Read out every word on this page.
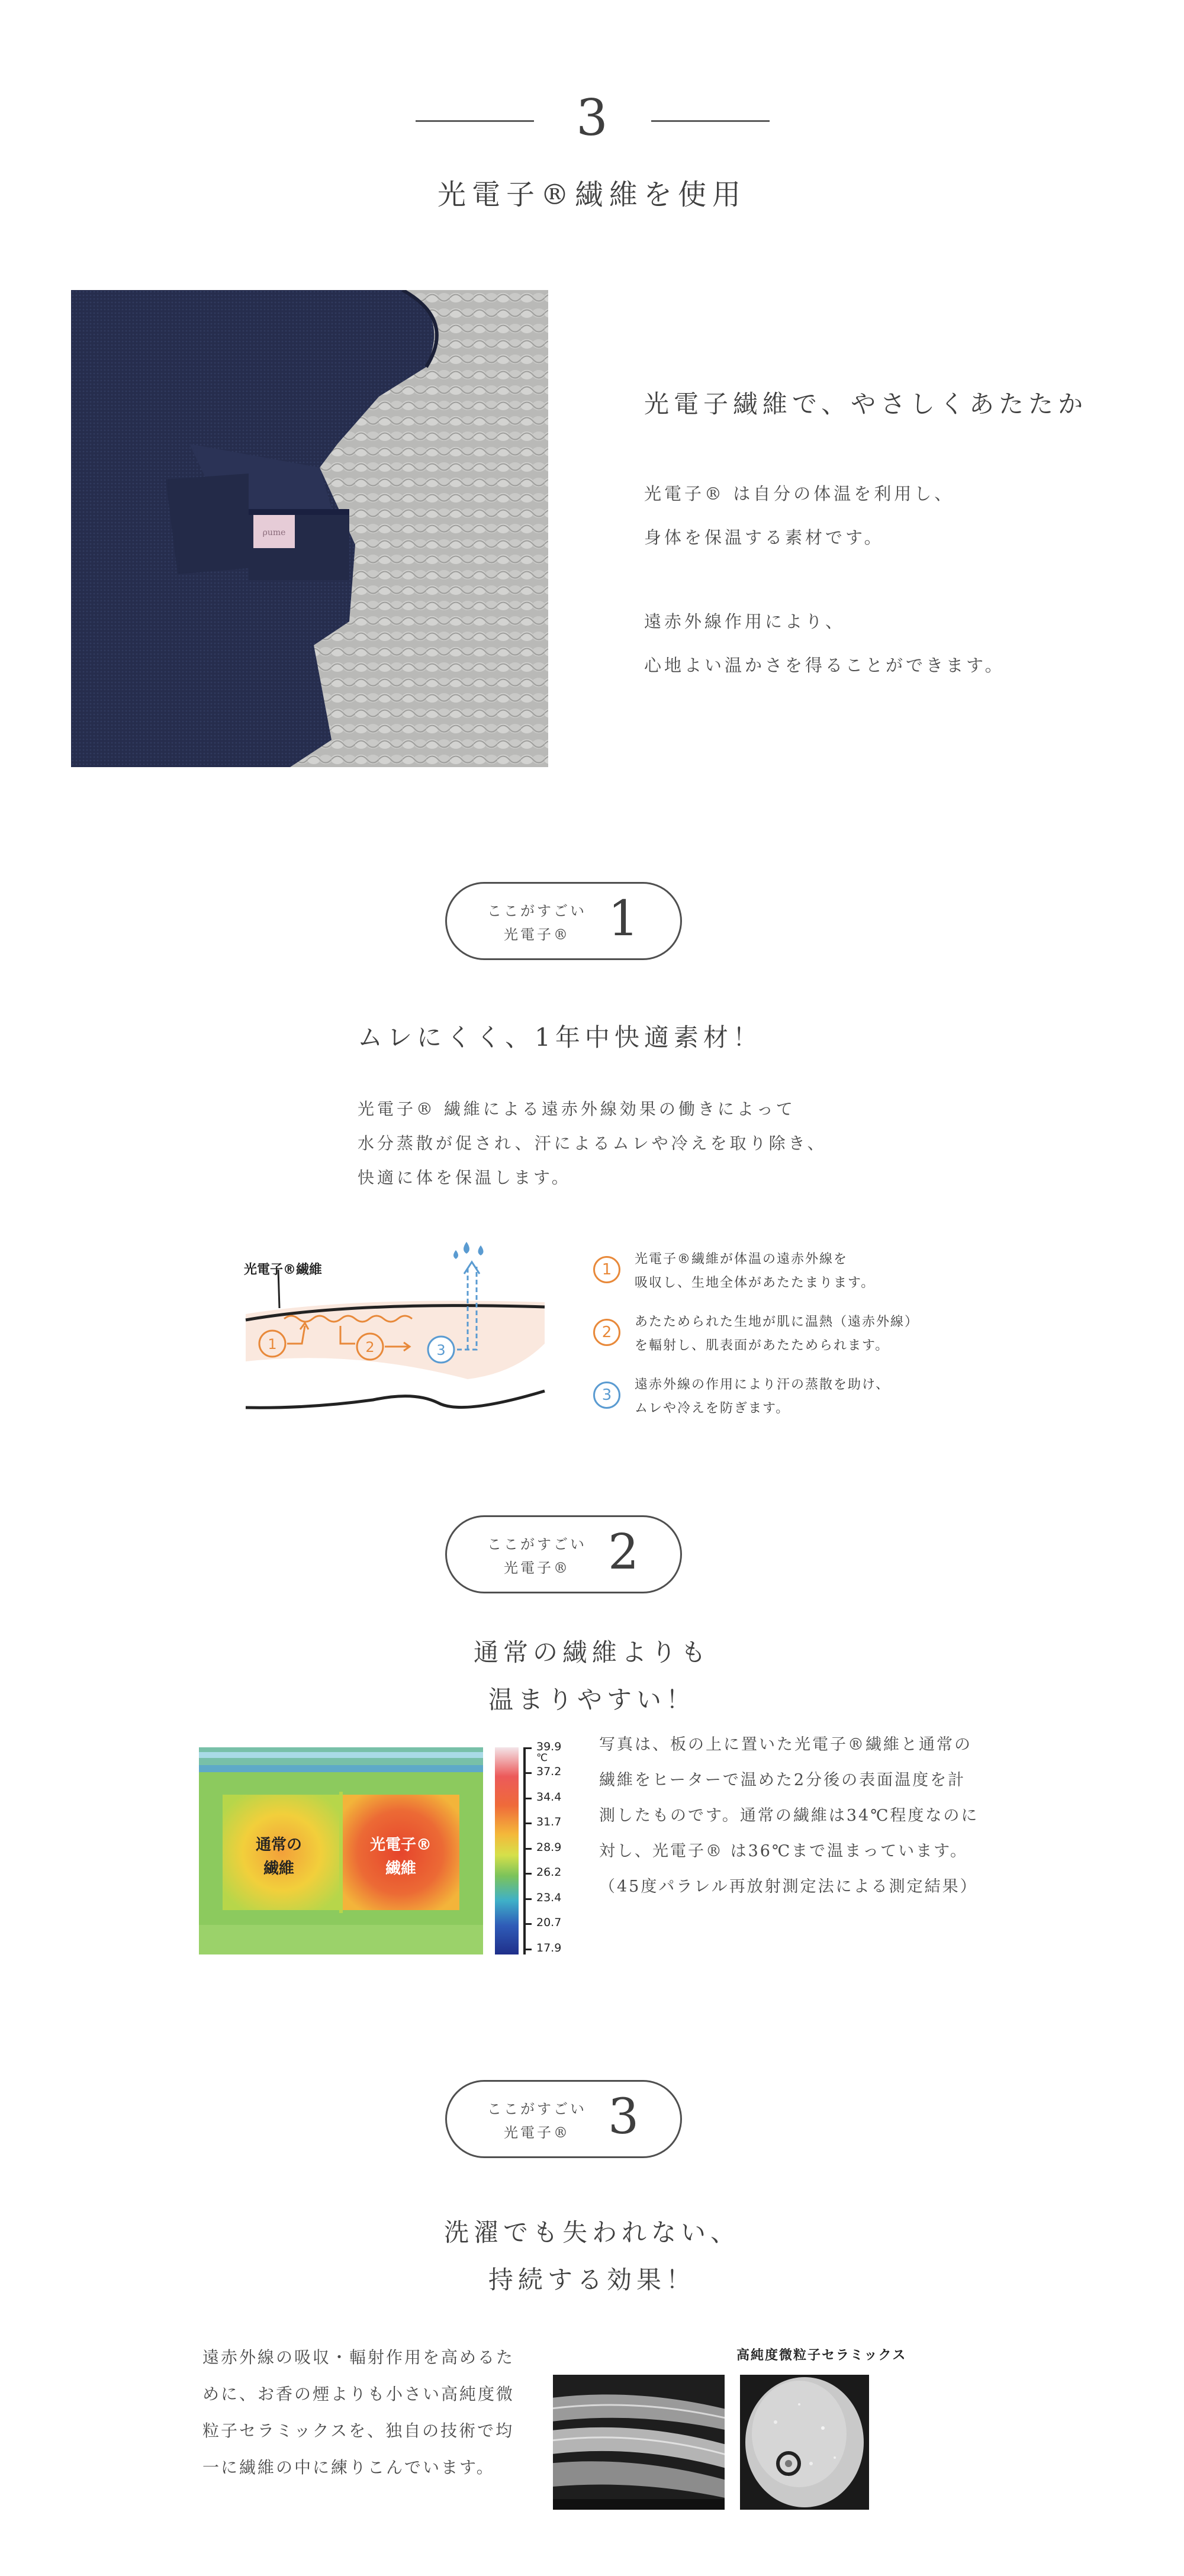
3
光電子®繊維を使用
ρume
光電子繊維で、やさしくあたたか
光電子® は自分の体温を利用し、
身体を保温する素材です。
遠赤外線作用により、
心地よい温かさを得ることができます。
ここがすごい
光電子® 1
ムレにくく、1年中快適素材！
光電子® 繊維による遠赤外線効果の働きによって
水分蒸散が促され、汗によるムレや冷えを取り除き、
快適に体を保温します。
1	2	3
光電子®繊維	1
光電子®繊維が体温の遠赤外線を
吸収し、生地全体があたたまります。
2
あたためられた生地が肌に温熱（遠赤外線）
を輻射し、肌表面があたためられます。
3
遠赤外線の作用により汗の蒸散を助け、
ムレや冷えを防ぎます。
ここがすごい
光電子® 2
通常の繊維よりも
温まりやすい！
通常の
繊維
光電子®
繊維
39.9
℃
37.2
34.4
31.7
28.9
26.2
23.4
20.7
17.9
写真は、板の上に置いた光電子®繊維と通常の
繊維をヒーターで温めた2分後の表面温度を計
測したものです。通常の繊維は34℃程度なのに
対し、光電子® は36℃まで温まっています。
（45度パラレル再放射測定法による測定結果）
ここがすごい
光電子® 3
洗濯でも失われない、
持続する効果！
遠赤外線の吸収・輻射作用を高めるた
めに、お香の煙よりも小さい高純度微
粒子セラミックスを、独自の技術で均
一に繊維の中に練りこんでいます。
高純度微粒子セラミックス
